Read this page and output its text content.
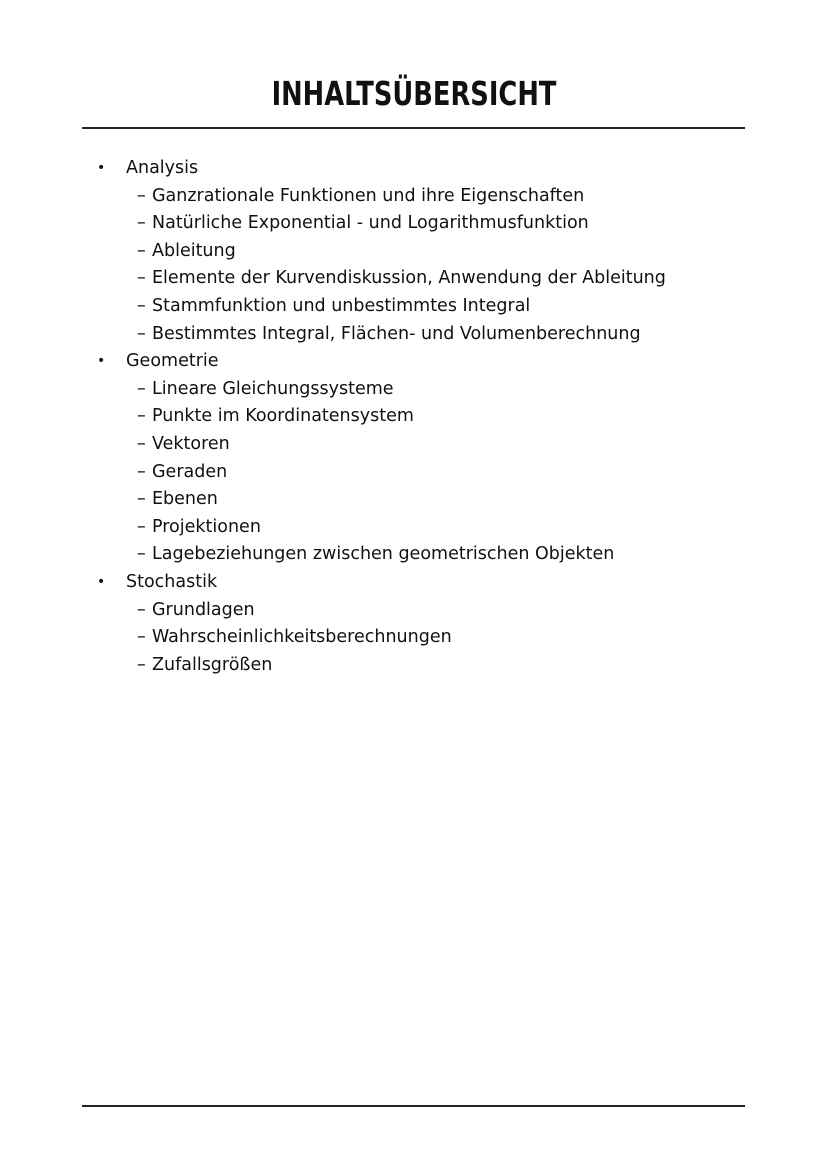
INHALTSÜBERSICHT
• Analysis
– Ganzrationale Funktionen und ihre Eigenschaften
– Natürliche Exponential - und Logarithmusfunktion
– Ableitung
– Elemente der Kurvendiskussion, Anwendung der Ableitung
– Stammfunktion und unbestimmtes Integral
– Bestimmtes Integral, Flächen- und Volumenberechnung
• Geometrie
– Lineare Gleichungssysteme
– Punkte im Koordinatensystem
– Vektoren
– Geraden
– Ebenen
– Projektionen
– Lagebeziehungen zwischen geometrischen Objekten
• Stochastik
– Grundlagen
– Wahrscheinlichkeitsberechnungen
– Zufallsgrößen
